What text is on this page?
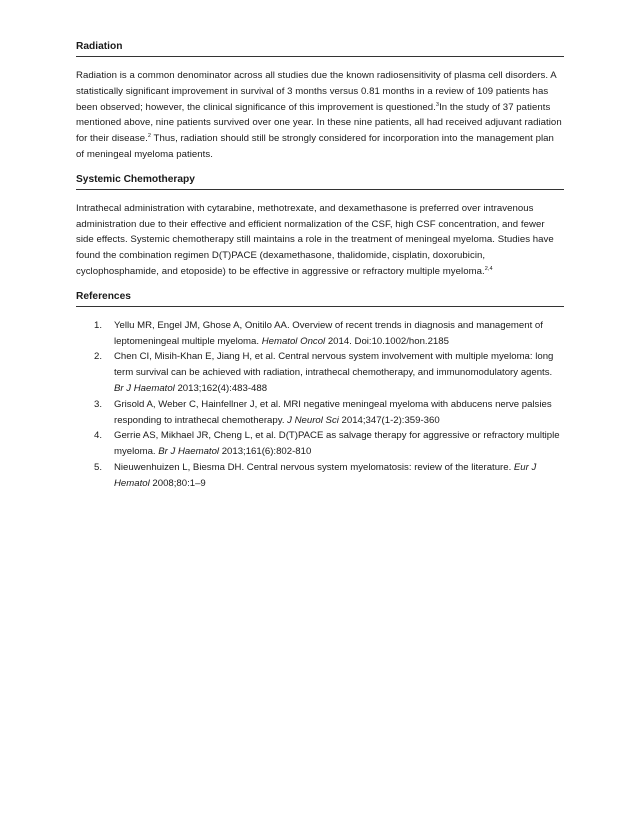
Radiation

Radiation is a common denominator across all studies due the known radiosensitivity of plasma cell disorders. A statistically significant improvement in survival of 3 months versus 0.81 months in a review of 109 patients has been observed; however, the clinical significance of this improvement is questioned.$^3$In the study of 37 patients mentioned above, nine patients survived over one year. In these nine patients, all had received adjuvant radiation for their disease.$^2$ Thus, radiation should still be strongly considered for incorporation into the management plan of meningeal myeloma patients.

Systemic Chemotherapy

Intrathecal administration with cytarabine, methotrexate, and dexamethasone is preferred over intravenous administration due to their effective and efficient normalization of the CSF, high CSF concentration, and fewer side effects. Systemic chemotherapy still maintains a role in the treatment of meningeal myeloma. Studies have found the combination regimen D(T)PACE (dexamethasone, thalidomide, cisplatin, doxorubicin, cyclophosphamide, and etoposide) to be effective in aggressive or refractory multiple myeloma.$^{2,4}$

References
1. Yellu MR, Engel JM, Ghose A, Onitilo AA. Overview of recent trends in diagnosis and management of leptomeningeal multiple myeloma. Hematol Oncol 2014. Doi:10.1002/hon.2185
2. Chen CI, Misih-Khan E, Jiang H, et al. Central nervous system involvement with multiple myeloma: long term survival can be achieved with radiation, intrathecal chemotherapy, and immunomodulatory agents. Br J Haematol 2013;162(4):483-488
3. Grisold A, Weber C, Hainfellner J, et al. MRI negative meningeal myeloma with abducens nerve palsies responding to intrathecal chemotherapy. J Neurol Sci 2014;347(1-2):359-360
4. Gerrie AS, Mikhael JR, Cheng L, et al. D(T)PACE as salvage therapy for aggressive or refractory multiple myeloma. Br J Haematol 2013;161(6):802-810
5. Nieuwenhuizen L, Biesma DH. Central nervous system myelomatosis: review of the literature. Eur J Hematol 2008;80:1–9
